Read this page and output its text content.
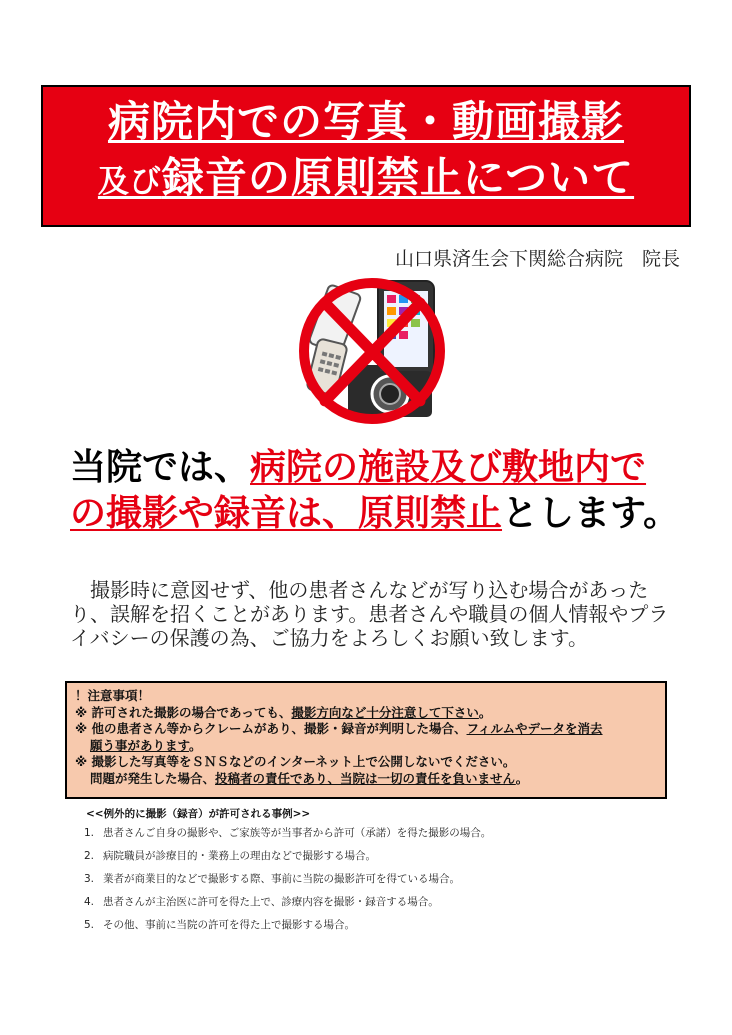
病院内での写真・動画撮影
及び録音の原則禁止について
山口県済生会下関総合病院　院長
当院では、病院の施設及び敷地内での撮影や録音は、原則禁止とします。
撮影時に意図せず、他の患者さんなどが写り込む場合があったり、誤解を招くことがあります。患者さんや職員の個人情報やプライバシーの保護の為、ご協力をよろしくお願い致します。
！注意事項！
※ 許可された撮影の場合であっても、撮影方向など十分注意して下さい。
※ 他の患者さん等からクレームがあり、撮影・録音が判明した場合、フィルムやデータを消去
願う事があります。
※ 撮影した写真等をＳＮＳなどのインターネット上で公開しないでください。
問題が発生した場合、投稿者の責任であり、当院は一切の責任を負いません。
<<例外的に撮影（録音）が許可される事例>>
1. 患者さんご自身の撮影や、ご家族等が当事者から許可（承諾）を得た撮影の場合。
2. 病院職員が診療目的・業務上の理由などで撮影する場合。
3. 業者が商業目的などで撮影する際、事前に当院の撮影許可を得ている場合。
4. 患者さんが主治医に許可を得た上で、診療内容を撮影・録音する場合。
5. その他、事前に当院の許可を得た上で撮影する場合。
